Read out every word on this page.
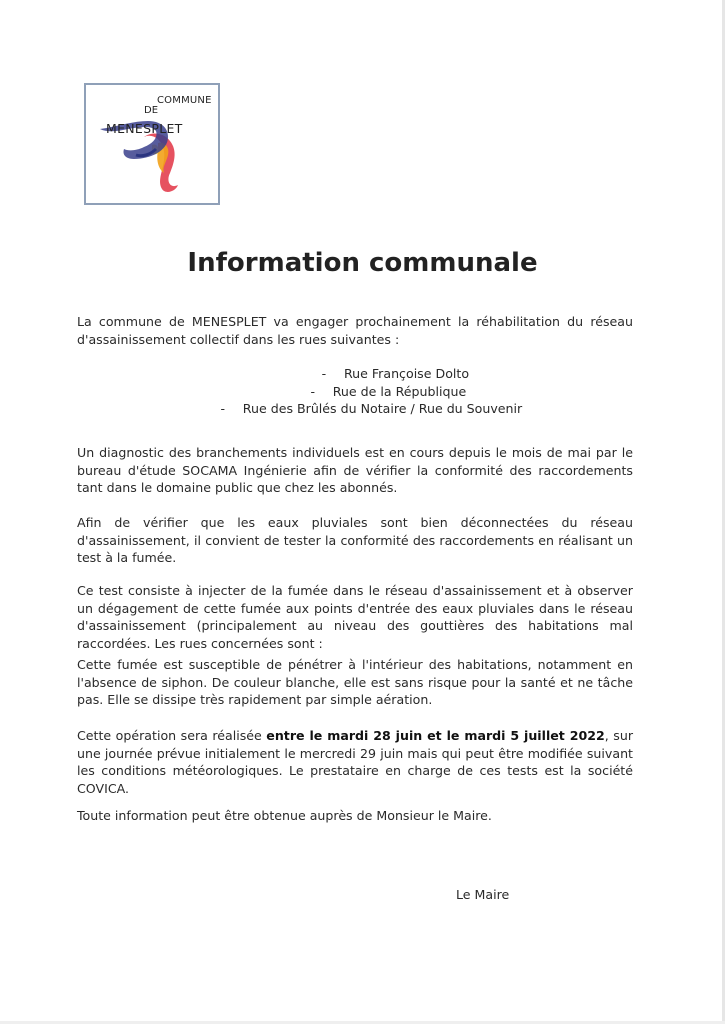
COMMUNE
DE
MENESPLET
Information communale

La commune de MENESPLET va engager prochainement la réhabilitation du réseau d'assainissement collectif dans les rues suivantes :

- Rue Françoise Dolto
- Rue de la République
- Rue des Brûlés du Notaire / Rue du Souvenir

Un diagnostic des branchements individuels est en cours depuis le mois de mai par le bureau d'étude SOCAMA Ingénierie afin de vérifier la conformité des raccordements tant dans le domaine public que chez les abonnés.

Afin de vérifier que les eaux pluviales sont bien déconnectées du réseau d'assainissement, il convient de tester la conformité des raccordements en réalisant un test à la fumée.

Ce test consiste à injecter de la fumée dans le réseau d'assainissement et à observer un dégagement de cette fumée aux points d'entrée des eaux pluviales dans le réseau d'assainissement (principalement au niveau des gouttières des habitations mal raccordées. Les rues concernées sont :

Cette fumée est susceptible de pénétrer à l'intérieur des habitations, notamment en l'absence de siphon. De couleur blanche, elle est sans risque pour la santé et ne tâche pas. Elle se dissipe très rapidement par simple aération.

Cette opération sera réalisée entre le mardi 28 juin et le mardi 5 juillet 2022, sur une journée prévue initialement le mercredi 29 juin mais qui peut être modifiée suivant les conditions météorologiques. Le prestataire en charge de ces tests est la société COVICA.

Toute information peut être obtenue auprès de Monsieur le Maire.

Le Maire
